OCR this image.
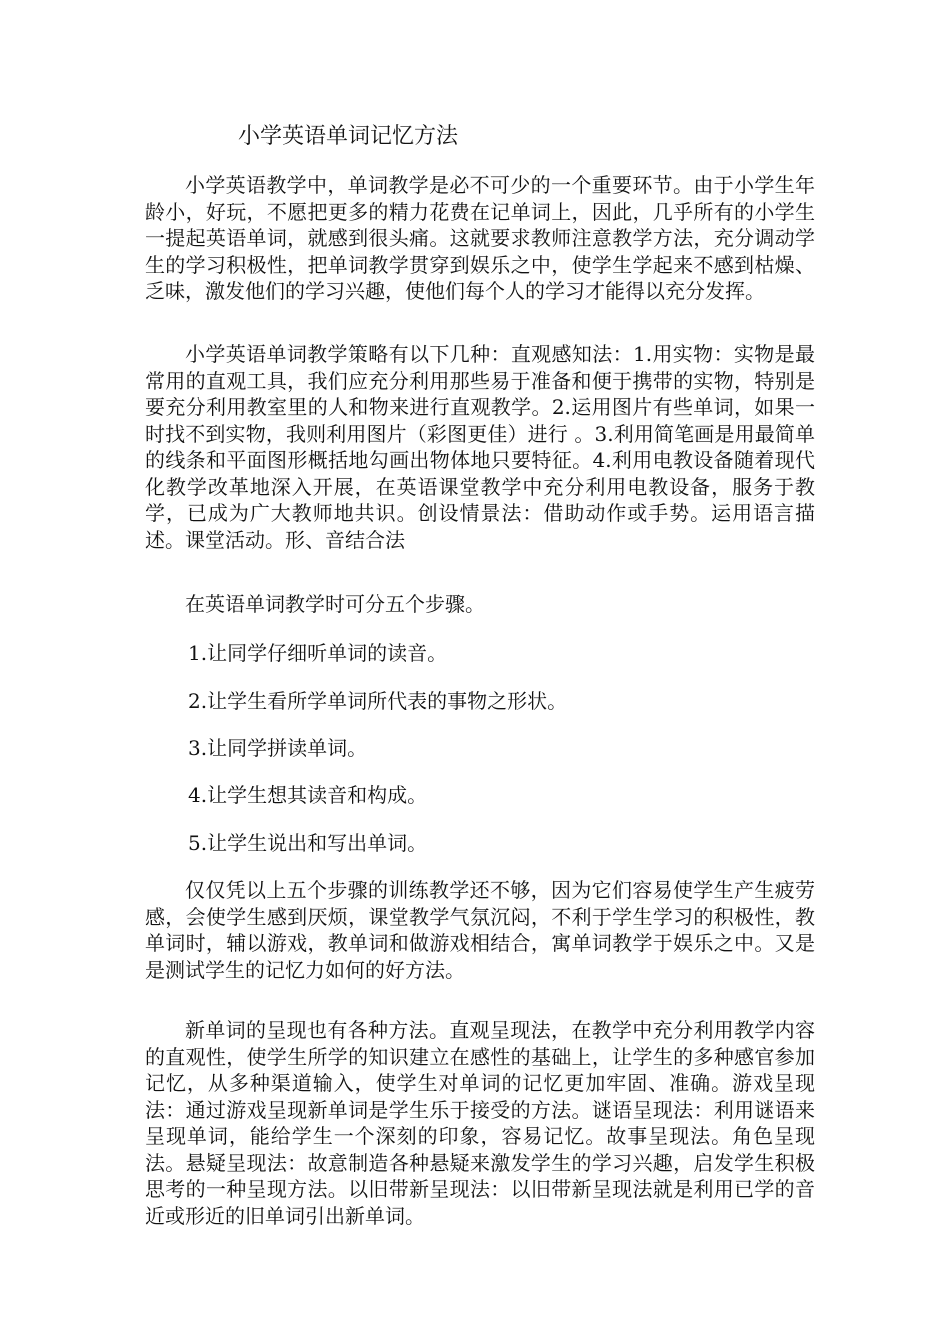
小学英语单词记忆方法

小学英语教学中，单词教学是必不可少的一个重要环节。由于小学生年龄小，好玩，不愿把更多的精力花费在记单词上，因此，几乎所有的小学生一提起英语单词，就感到很头痛。这就要求教师注意教学方法，充分调动学生的学习积极性，把单词教学贯穿到娱乐之中，使学生学起来不感到枯燥、乏味，激发他们的学习兴趣，使他们每个人的学习才能得以充分发挥。

小学英语单词教学策略有以下几种：直观感知法：1.用实物：实物是最常用的直观工具，我们应充分利用那些易于准备和便于携带的实物，特别是要充分利用教室里的人和物来进行直观教学。2.运用图片有些单词，如果一时找不到实物，我则利用图片（彩图更佳）进行 。3.利用简笔画是用最简单的线条和平面图形概括地勾画出物体地只要特征。4.利用电教设备随着现代化教学改革地深入开展，在英语课堂教学中充分利用电教设备，服务于教学，已成为广大教师地共识。创设情景法：借助动作或手势。运用语言描述。课堂活动。形、音结合法

在英语单词教学时可分五个步骤。

1.让同学仔细听单词的读音。

2.让学生看所学单词所代表的事物之形状。

3.让同学拼读单词。

4.让学生想其读音和构成。

5.让学生说出和写出单词。

仅仅凭以上五个步骤的训练教学还不够，因为它们容易使学生产生疲劳感，会使学生感到厌烦，课堂教学气氛沉闷，不利于学生学习的积极性，教单词时，辅以游戏，教单词和做游戏相结合，寓单词教学于娱乐之中。又是是测试学生的记忆力如何的好方法。

新单词的呈现也有各种方法。直观呈现法，在教学中充分利用教学内容的直观性，使学生所学的知识建立在感性的基础上，让学生的多种感官参加记忆，从多种渠道输入，使学生对单词的记忆更加牢固、准确。游戏呈现法：通过游戏呈现新单词是学生乐于接受的方法。谜语呈现法：利用谜语来呈现单词，能给学生一个深刻的印象，容易记忆。故事呈现法。角色呈现法。悬疑呈现法：故意制造各种悬疑来激发学生的学习兴趣，启发学生积极思考的一种呈现方法。以旧带新呈现法：以旧带新呈现法就是利用已学的音近或形近的旧单词引出新单词。
